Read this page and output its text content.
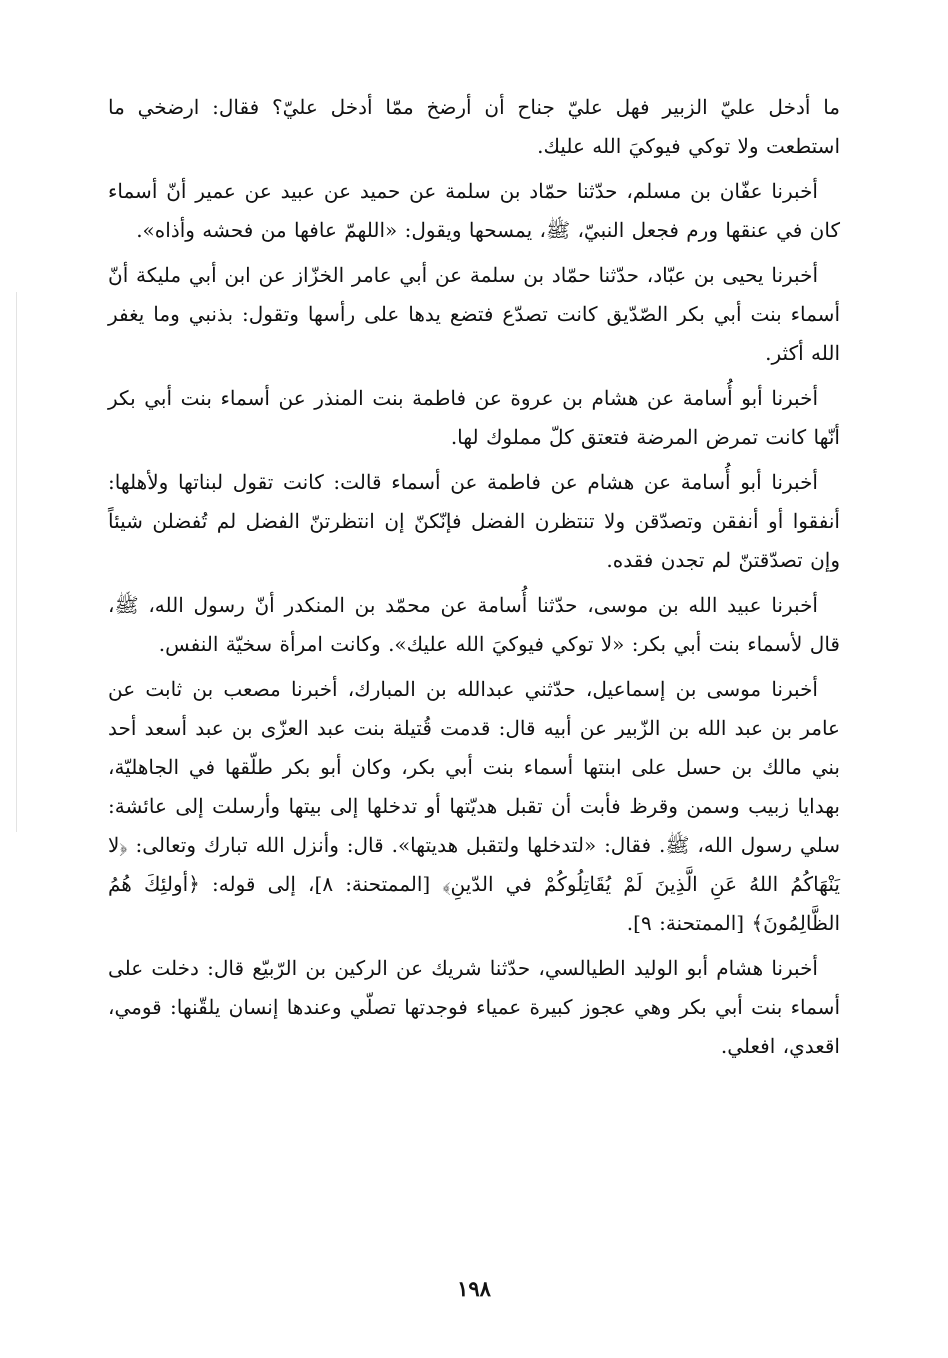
ما أدخل عليّ الزبير فهل عليّ جناح أن أرضخ ممّا أدخل عليّ؟ فقال: ارضخي ما استطعت ولا توكي فيوكيَ الله عليك.

أخبرنا عفّان بن مسلم، حدّثنا حمّاد بن سلمة عن حميد عن عبيد عن عمير أنّ أسماء كان في عنقها ورم فجعل النبيّ، ﷺ، يمسحها ويقول: «اللهمّ عافها من فحشه وأذاه».

أخبرنا يحيى بن عبّاد، حدّثنا حمّاد بن سلمة عن أبي عامر الخزّاز عن ابن أبي مليكة أنّ أسماء بنت أبي بكر الصّدّيق كانت تصدّع فتضع يدها على رأسها وتقول: بذنبي وما يغفر الله أكثر.

أخبرنا أبو أُسامة عن هشام بن عروة عن فاطمة بنت المنذر عن أسماء بنت أبي بكر أنّها كانت تمرض المرضة فتعتق كلّ مملوك لها.

أخبرنا أبو أُسامة عن هشام عن فاطمة عن أسماء قالت: كانت تقول لبناتها ولأهلها: أنفقوا أو أنفقن وتصدّقن ولا تنتظرن الفضل فإنّكنّ إن انتظرتنّ الفضل لم تُفضلن شيئاً وإن تصدّقتنّ لم تجدن فقده.

أخبرنا عبيد الله بن موسى، حدّثنا أُسامة عن محمّد بن المنكدر أنّ رسول الله، ﷺ، قال لأسماء بنت أبي بكر: «لا توكي فيوكيَ الله عليك». وكانت امرأة سخيّة النفس.

أخبرنا موسى بن إسماعيل، حدّثني عبدالله بن المبارك، أخبرنا مصعب بن ثابت عن عامر بن عبد الله بن الزّبير عن أبيه قال: قدمت قُتيلة بنت عبد العزّى بن عبد أسعد أحد بني مالك بن حسل على ابنتها أسماء بنت أبي بكر، وكان أبو بكر طلّقها في الجاهليّة، بهدايا زبيب وسمن وقرظ فأبت أن تقبل هديّتها أو تدخلها إلى بيتها وأرسلت إلى عائشة: سلي رسول الله، ﷺ. فقال: «لتدخلها ولتقبل هديتها». قال: وأنزل الله تبارك وتعالى: ﴿لا يَنْهَاكُمُ اللهُ عَنِ الَّذِينَ لَمْ يُقَاتِلُوكُمْ في الدّينِ﴾ [الممتحنة: ٨]، إلى قوله: ﴿أولئِكَ هُمُ الظَّالِمُونَ﴾ [الممتحنة: ٩].

أخبرنا هشام أبو الوليد الطيالسي، حدّثنا شريك عن الركين بن الرّبيّع قال: دخلت على أسماء بنت أبي بكر وهي عجوز كبيرة عمياء فوجدتها تصلّي وعندها إنسان يلقّنها: قومي، اقعدي، افعلي.

١٩٨
